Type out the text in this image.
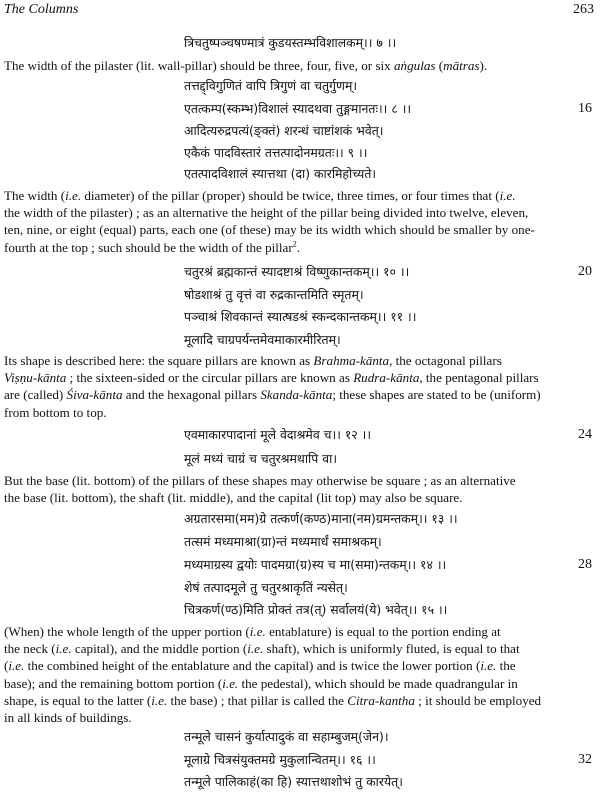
The Columns	263
त्रिचतुष्पञ्चषण्मात्रं कुडयस्तम्भविशालकम्।। ७ ।।
The width of the pilaster (lit. wall-pillar) should be three, four, five, or six aṅgulas (mātras).
तत्तद्द्विगुणितं वापि त्रिगुणं वा चतुर्गुणम्।
एतत्कम्प(स्कम्भ)विशालं स्यादथवा तुङ्गमानतः।। ८ ।।	16
आदित्यरुद्रपत्यं(ङ्क्तं) शरन्धं चाष्टांशकं भवेत्।
एकैकं पादविस्तारं तत्तत्पादोनमग्रतः।। ९ ।।
एतत्पादविशालं स्यात्तथा (दा) कारमिहोच्यते।
The width (i.e. diameter) of the pillar (proper) should be twice, three times, or four times that (i.e.
the width of the pilaster) ; as an alternative the height of the pillar being divided into twelve, eleven,
ten, nine, or eight (equal) parts, each one (of these) may be its width which should be smaller by one-
fourth at the top ; such should be the width of the pillar$^2$.
चतुरश्रं ब्रह्मकान्तं स्यादष्टाश्रं विष्णुकान्तकम्।। १० ।।	20
षोडशाश्रं तु वृत्तं वा रुद्रकान्तमिति स्मृतम्।
पञ्चाश्रं शिवकान्तं स्यात्षडश्रं स्कन्दकान्तकम्।। ११ ।।
मूलादि चाग्रपर्यन्तमेवमाकारमीरितम्।
Its shape is described here: the square pillars are known as Brahma-kānta, the octagonal pillars
Viṣṇu-kānta ; the sixteen-sided or the circular pillars are known as Rudra-kānta, the pentagonal pillars
are (called) Śiva-kānta and the hexagonal pillars Skanda-kānta; these shapes are stated to be (uniform)
from bottom to top.
एवमाकारपादानां मूले वेदाश्रमेव च।। १२ ।।	24
मूलं मध्यं चाग्रं च चतुरश्रमथापि वा।
But the base (lit. bottom) of the pillars of these shapes may otherwise be square ; as an alternative
the base (lit. bottom), the shaft (lit. middle), and the capital (lit top) may also be square.
अग्रतारसमा(मम)ग्रे तत्कर्ण(कण्ठ)माना(नम)ग्रमन्तकम्।। १३ ।।
तत्समं मध्यमाश्रा(ग्रा)न्तं मध्यमार्धं समाश्रकम्।
मध्यमाग्रस्य द्वयोः पादमग्रा(ग्र)स्य च मा(समा)न्तकम्।। १४ ।।	28
शेषं तत्पादमूले तु चतुरश्राकृतिं न्यसेत्।
चित्रकर्ण(ण्ठ)मिति प्रोक्तं तत्र(त्) सर्वालयं(ये) भवेत्।। १५ ।।
(When) the whole length of the upper portion (i.e. entablature) is equal to the portion ending at
the neck (i.e. capital), and the middle portion (i.e. shaft), which is uniformly fluted, is equal to that
(i.e. the combined height of the entablature and the capital) and is twice the lower portion (i.e. the
base); and the remaining bottom portion (i.e. the pedestal), which should be made quadrangular in
shape, is equal to the latter (i.e. the base) ; that pillar is called the Citra-kantha ; it should be employed
in all kinds of buildings.
तन्मूले चासनं कुर्यात्पादुकं वा सहाम्बुजम्(जेन)।
मूलाग्रे चित्रसंयुक्तमग्रे मुकुलान्वितम्।। १६ ।।	32
तन्मूले पालिकाहं(का हि) स्यात्तथाशोभं तु कारयेत्।
